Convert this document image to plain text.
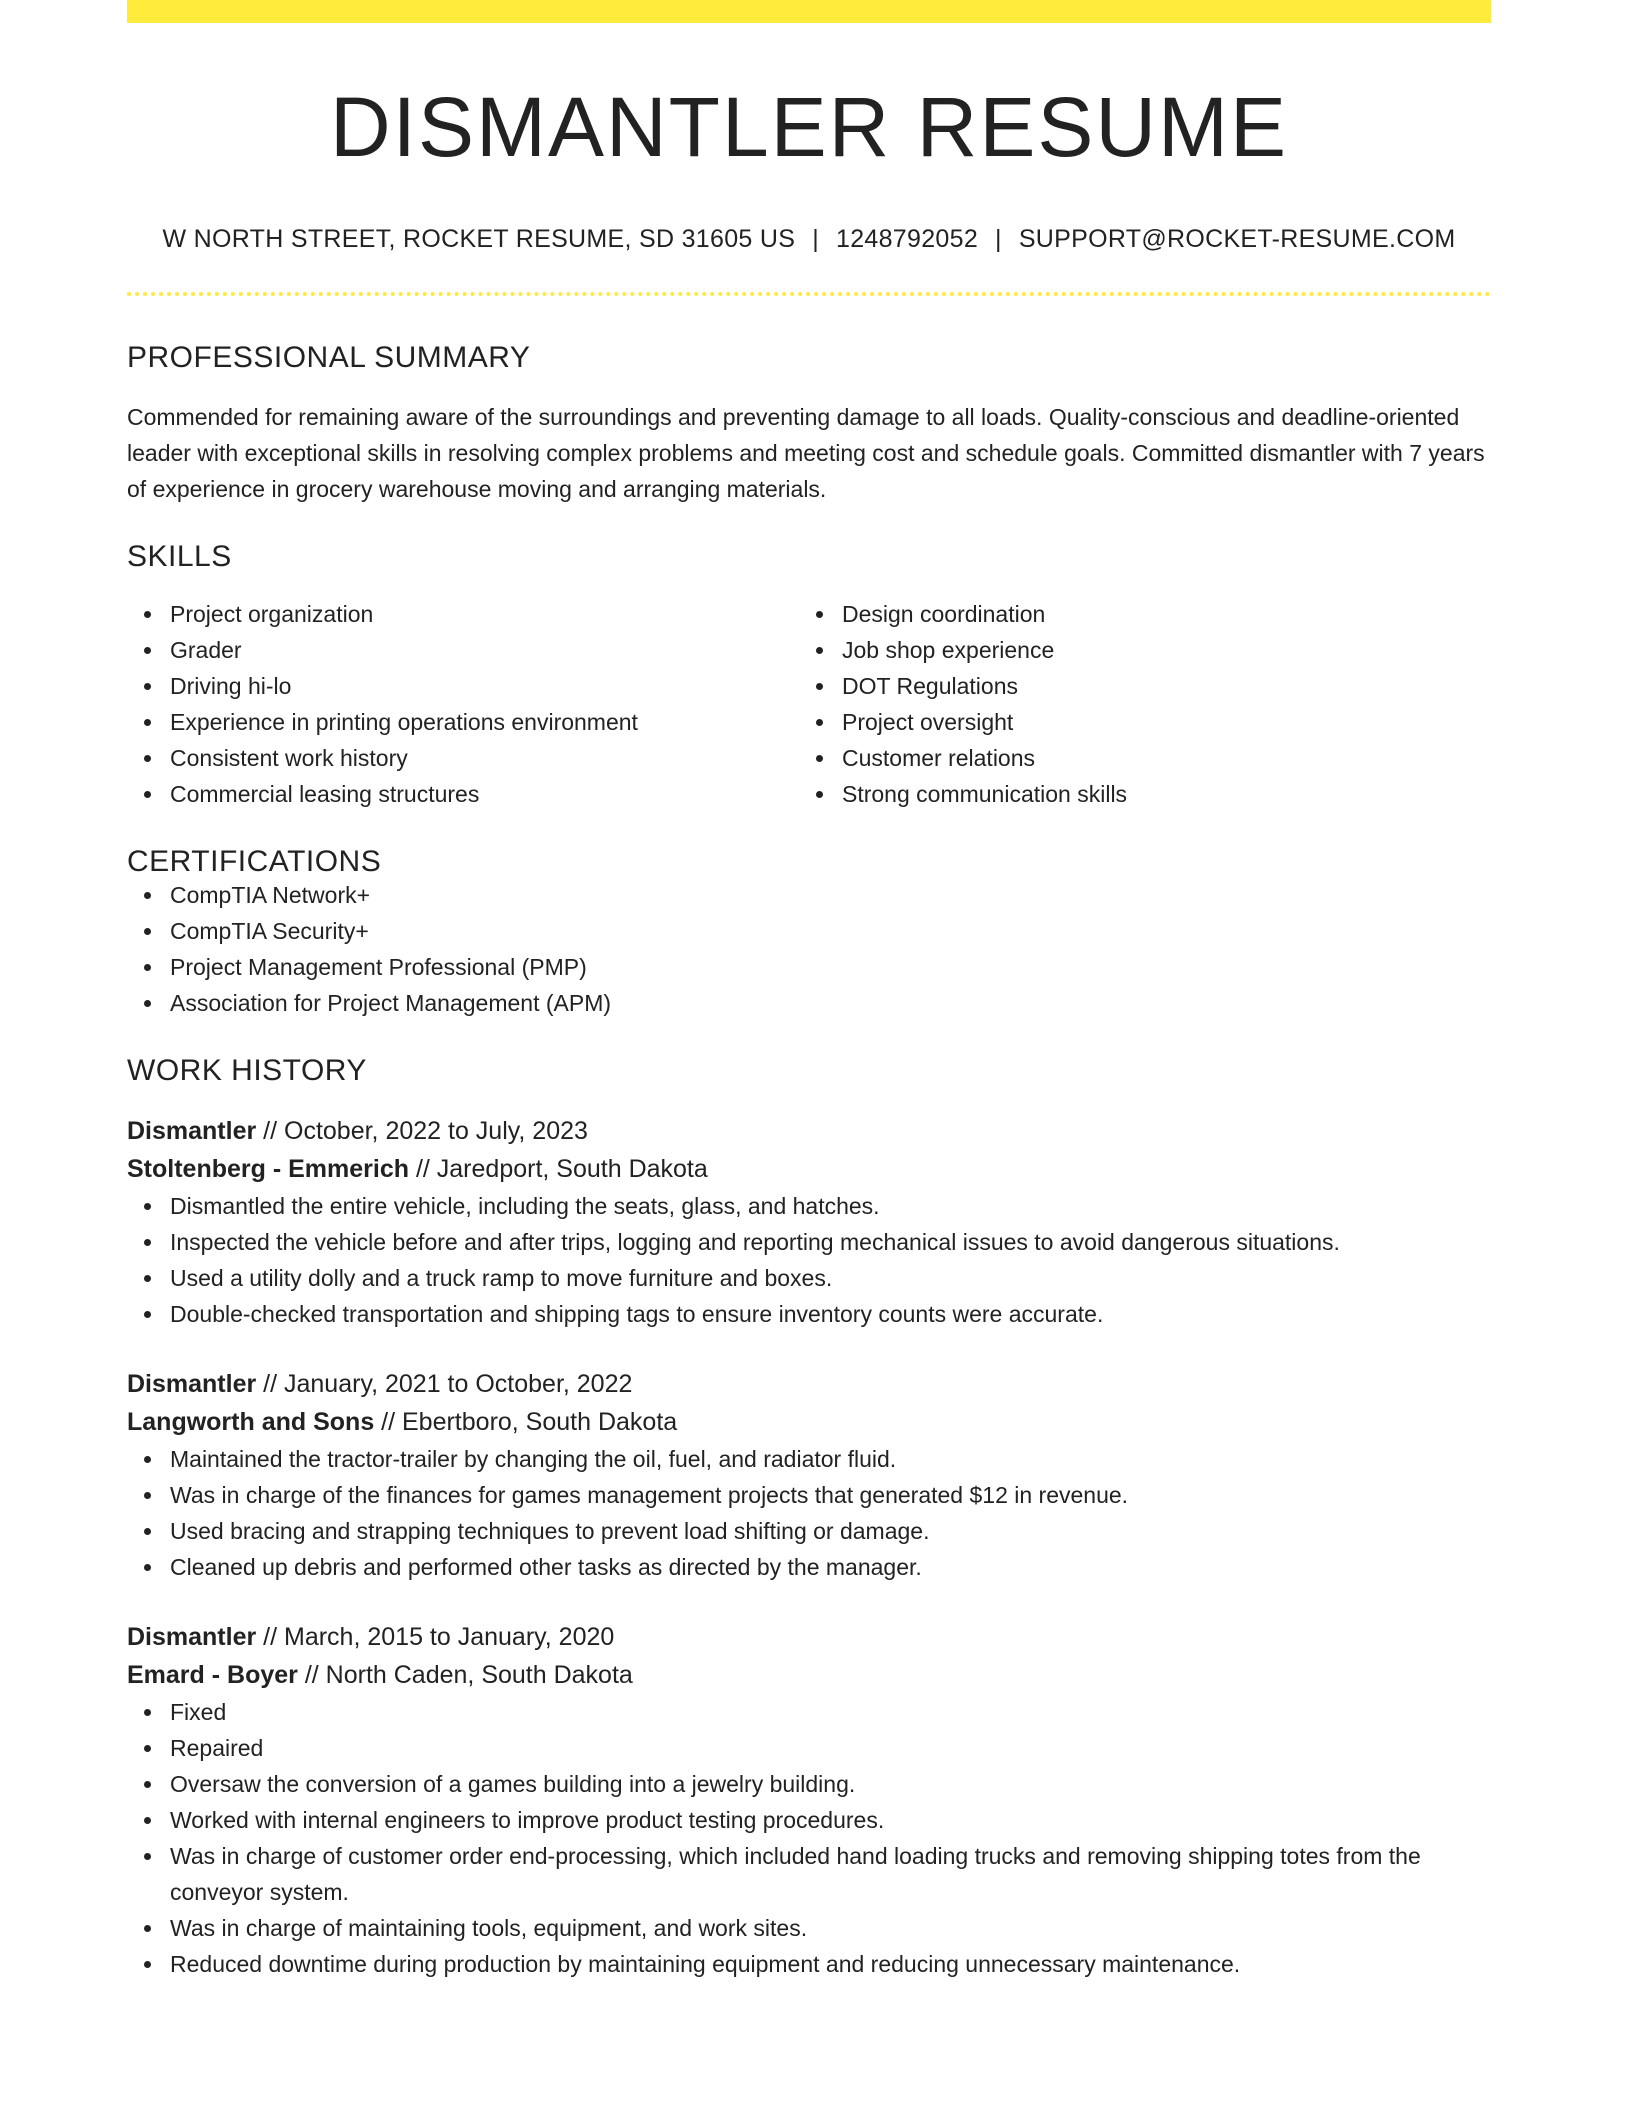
DISMANTLER RESUME
W NORTH STREET, ROCKET RESUME, SD 31605 US | 1248792052 | SUPPORT@ROCKET-RESUME.COM
PROFESSIONAL SUMMARY

Commended for remaining aware of the surroundings and preventing damage to all loads. Quality-conscious and deadline-oriented leader with exceptional skills in resolving complex problems and meeting cost and schedule goals. Committed dismantler with 7 years of experience in grocery warehouse moving and arranging materials.

SKILLS
Project organization
Grader
Driving hi-lo
Experience in printing operations environment
Consistent work history
Commercial leasing structures
Design coordination
Job shop experience
DOT Regulations
Project oversight
Customer relations
Strong communication skills
CERTIFICATIONS
CompTIA Network+
CompTIA Security+
Project Management Professional (PMP)
Association for Project Management (APM)
WORK HISTORY
Dismantler // October, 2022 to July, 2023
Stoltenberg - Emmerich // Jaredport, South Dakota
Dismantled the entire vehicle, including the seats, glass, and hatches.
Inspected the vehicle before and after trips, logging and reporting mechanical issues to avoid dangerous situations.
Used a utility dolly and a truck ramp to move furniture and boxes.
Double-checked transportation and shipping tags to ensure inventory counts were accurate.
Dismantler // January, 2021 to October, 2022
Langworth and Sons // Ebertboro, South Dakota
Maintained the tractor-trailer by changing the oil, fuel, and radiator fluid.
Was in charge of the finances for games management projects that generated $12 in revenue.
Used bracing and strapping techniques to prevent load shifting or damage.
Cleaned up debris and performed other tasks as directed by the manager.
Dismantler // March, 2015 to January, 2020
Emard - Boyer // North Caden, South Dakota
Fixed
Repaired
Oversaw the conversion of a games building into a jewelry building.
Worked with internal engineers to improve product testing procedures.
Was in charge of customer order end-processing, which included hand loading trucks and removing shipping totes from the conveyor system.
Was in charge of maintaining tools, equipment, and work sites.
Reduced downtime during production by maintaining equipment and reducing unnecessary maintenance.
